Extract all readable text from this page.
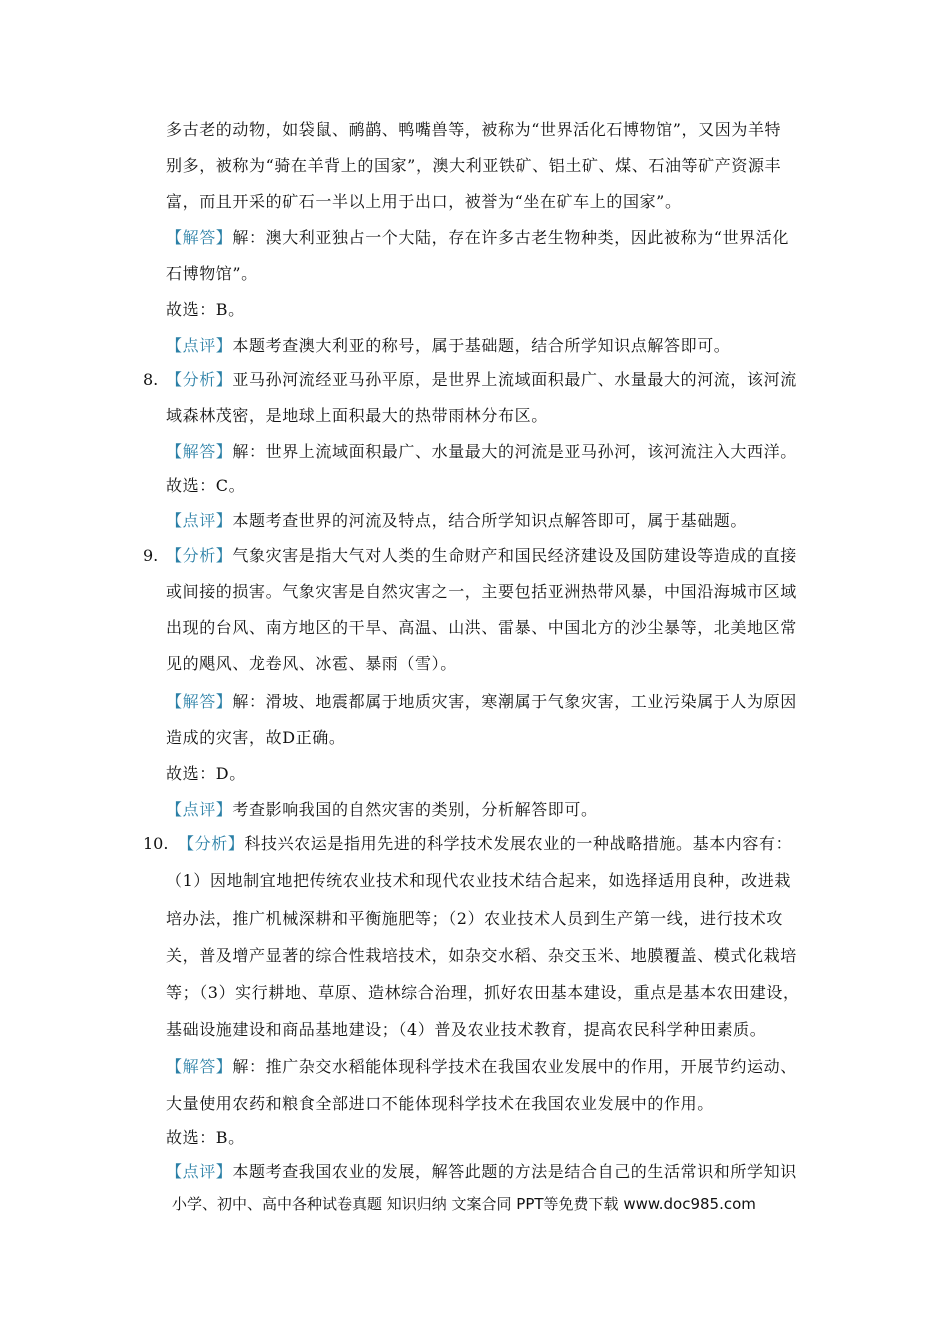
多古老的动物，如袋鼠、鸸鹋、鸭嘴兽等，被称为“世界活化石博物馆”，又因为羊特
别多，被称为“骑在羊背上的国家”，澳大利亚铁矿、铝土矿、煤、石油等矿产资源丰
富，而且开采的矿石一半以上用于出口，被誉为“坐在矿车上的国家”。
【解答】解：澳大利亚独占一个大陆，存在许多古老生物种类，因此被称为“世界活化
石博物馆”。
故选：B。
【点评】本题考查澳大利亚的称号，属于基础题，结合所学知识点解答即可。
8. 【分析】亚马孙河流经亚马孙平原，是世界上流域面积最广、水量最大的河流，该河流
域森林茂密，是地球上面积最大的热带雨林分布区。
【解答】解：世界上流域面积最广、水量最大的河流是亚马孙河，该河流注入大西洋。
故选：C。
【点评】本题考查世界的河流及特点，结合所学知识点解答即可，属于基础题。
9. 【分析】气象灾害是指大气对人类的生命财产和国民经济建设及国防建设等造成的直接
或间接的损害。气象灾害是自然灾害之一，主要包括亚洲热带风暴，中国沿海城市区域
出现的台风、南方地区的干旱、高温、山洪、雷暴、中国北方的沙尘暴等，北美地区常
见的飓风、龙卷风、冰雹、暴雨（雪）。
【解答】解：滑坡、地震都属于地质灾害，寒潮属于气象灾害，工业污染属于人为原因
造成的灾害，故D正确。
故选：D。
【点评】考查影响我国的自然灾害的类别，分析解答即可。
10. 【分析】科技兴农运是指用先进的科学技术发展农业的一种战略措施。基本内容有：
（1）因地制宜地把传统农业技术和现代农业技术结合起来，如选择适用良种，改进栽
培办法，推广机械深耕和平衡施肥等；（2）农业技术人员到生产第一线，进行技术攻
关，普及增产显著的综合性栽培技术，如杂交水稻、杂交玉米、地膜覆盖、模式化栽培
等；（3）实行耕地、草原、造林综合治理，抓好农田基本建设，重点是基本农田建设，
基础设施建设和商品基地建设；（4）普及农业技术教育，提高农民科学种田素质。
【解答】解：推广杂交水稻能体现科学技术在我国农业发展中的作用，开展节约运动、
大量使用农药和粮食全部进口不能体现科学技术在我国农业发展中的作用。
故选：B。
【点评】本题考查我国农业的发展，解答此题的方法是结合自己的生活常识和所学知识
小学、初中、高中各种试卷真题 知识归纳 文案合同 PPT等免费下载 www.doc985.com
